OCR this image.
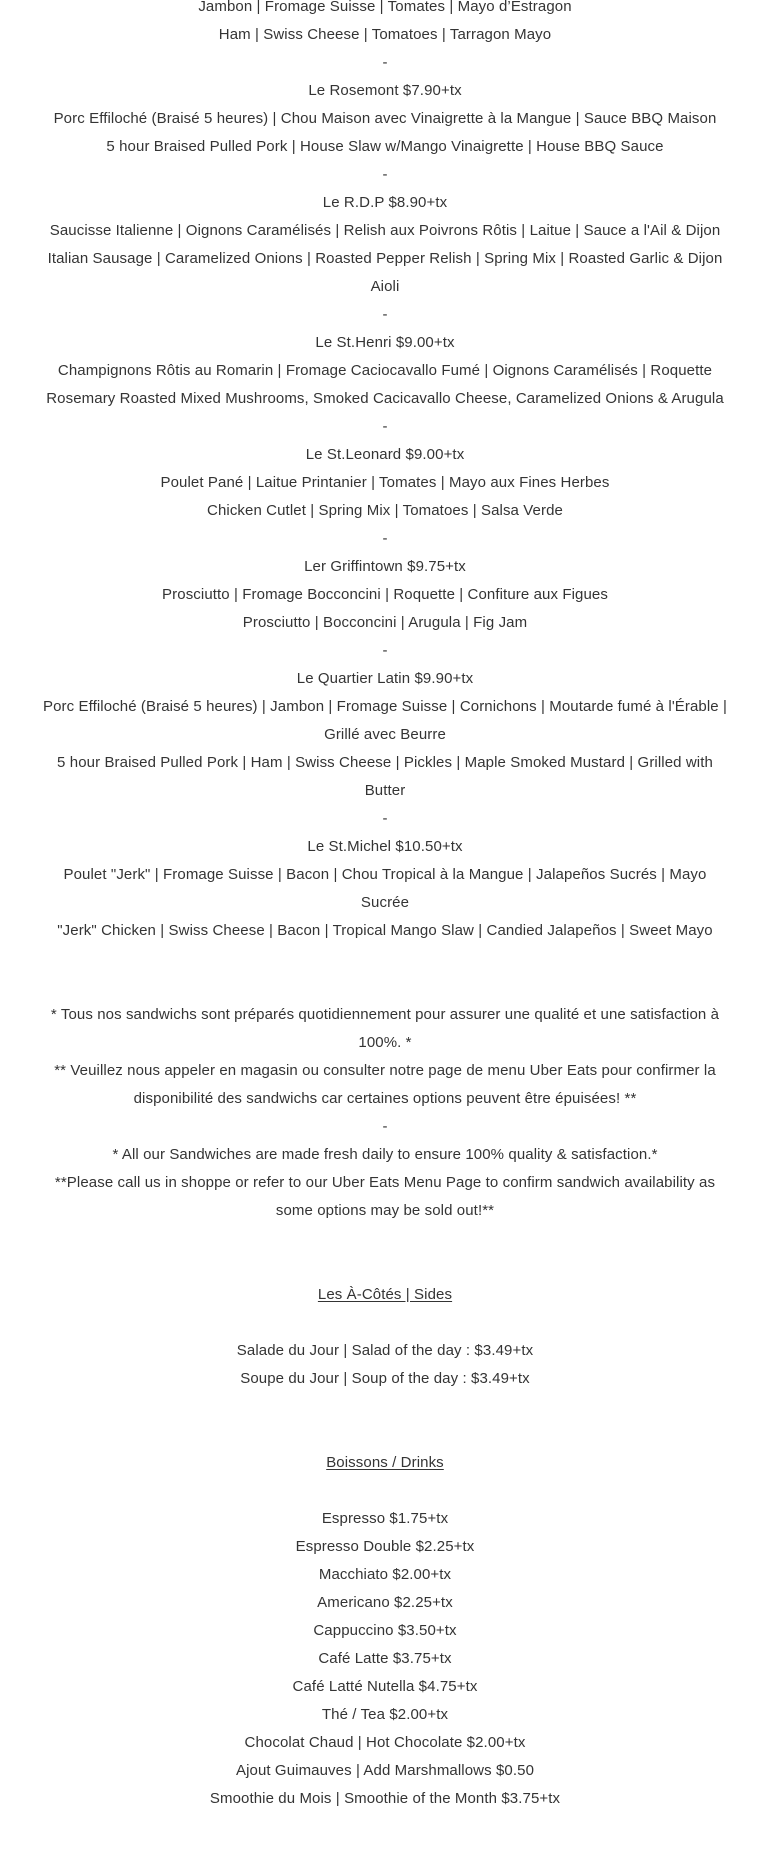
Jambon | Fromage Suisse | Tomates | Mayo d’Estragon

Ham | Swiss Cheese | Tomatoes | Tarragon Mayo

-

Le Rosemont $7.90+tx

Porc Effiloché (Braisé 5 heures) | Chou Maison avec Vinaigrette à la Mangue | Sauce BBQ Maison

5 hour Braised Pulled Pork | House Slaw w/Mango Vinaigrette | House BBQ Sauce

-

Le R.D.P $8.90+tx

Saucisse Italienne | Oignons Caramélisés | Relish aux Poivrons Rôtis | Laitue | Sauce a l'Ail & Dijon

Italian Sausage | Caramelized Onions | Roasted Pepper Relish | Spring Mix | Roasted Garlic & Dijon Aioli

-

Le St.Henri $9.00+tx

Champignons Rôtis au Romarin | Fromage Caciocavallo Fumé | Oignons Caramélisés | Roquette

Rosemary Roasted Mixed Mushrooms, Smoked Cacicavallo Cheese, Caramelized Onions & Arugula

-

Le St.Leonard $9.00+tx

Poulet Pané | Laitue Printanier | Tomates | Mayo aux Fines Herbes

Chicken Cutlet | Spring Mix | Tomatoes | Salsa Verde

-

Ler Griffintown $9.75+tx

Prosciutto | Fromage Bocconcini | Roquette | Confiture aux Figues

Prosciutto | Bocconcini | Arugula | Fig Jam

-

Le Quartier Latin $9.90+tx

Porc Effiloché (Braisé 5 heures) | Jambon | Fromage Suisse | Cornichons | Moutarde fumé à l'Érable | Grillé avec Beurre

5 hour Braised Pulled Pork | Ham | Swiss Cheese | Pickles | Maple Smoked Mustard | Grilled with Butter

-

Le St.Michel $10.50+tx

Poulet "Jerk" | Fromage Suisse | Bacon | Chou Tropical à la Mangue | Jalapeños Sucrés | Mayo Sucrée

"Jerk" Chicken | Swiss Cheese | Bacon | Tropical Mango Slaw | Candied Jalapeños | Sweet Mayo

* Tous nos sandwichs sont préparés quotidiennement pour assurer une qualité et une satisfaction à 100%. *

** Veuillez nous appeler en magasin ou consulter notre page de menu Uber Eats pour confirmer la disponibilité des sandwichs car certaines options peuvent être épuisées! **

-

* All our Sandwiches are made fresh daily to ensure 100% quality & satisfaction.*

**Please call us in shoppe or refer to our Uber Eats Menu Page to confirm sandwich availability as some options may be sold out!**

Les À-Côtés | Sides

Salade du Jour | Salad of the day : $3.49+tx

Soupe du Jour | Soup of the day : $3.49+tx

Boissons / Drinks

Espresso $1.75+tx

Espresso Double $2.25+tx

Macchiato $2.00+tx

Americano $2.25+tx

Cappuccino $3.50+tx

Café Latte $3.75+tx

Café Latté Nutella $4.75+tx

Thé / Tea $2.00+tx

Chocolat Chaud | Hot Chocolate $2.00+tx

Ajout Guimauves | Add Marshmallows $0.50

Smoothie du Mois | Smoothie of the Month $3.75+tx
